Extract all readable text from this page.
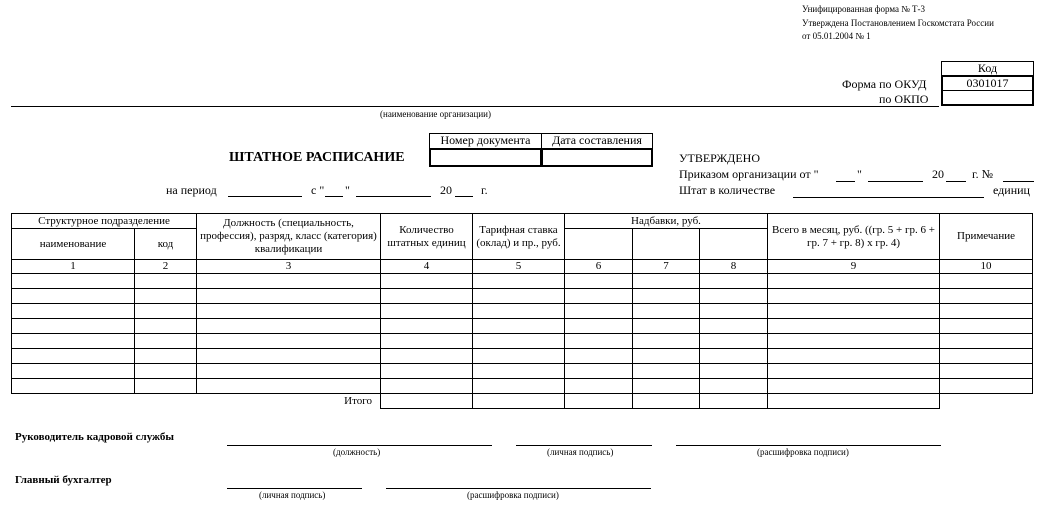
Унифицированная форма № Т-3
Утверждена Постановлением Госкомстата России
от 05.01.2004 № 1
Код
0301017
Форма по ОКУД
по ОКПО
(наименование организации)
Номер документа	Дата составления
ШТАТНОЕ РАСПИСАНИЕ
на период	с " "	20 г.
УТВЕРЖДЕНО
Приказом организации от "	"	20 г. №
Штат в количестве	единиц
Структурное подразделение		Должность (специальность, профессия), разряд, класс (категория) квалификации	Количество штатных единиц	Тарифная ставка (оклад) и пр., руб.	Надбавки, руб.			Всего в месяц, руб. ((гр. 5 + гр. 6 + гр. 7 + гр. 8) х гр. 4)	Примечание
наименование	код								
1	2	3	4	5	6	7	8	9	10

Итого									
Руководитель кадровой службы
(должность)	(личная подпись)	(расшифровка подписи)
Главный бухгалтер
(личная подпись)	(расшифровка подписи)
